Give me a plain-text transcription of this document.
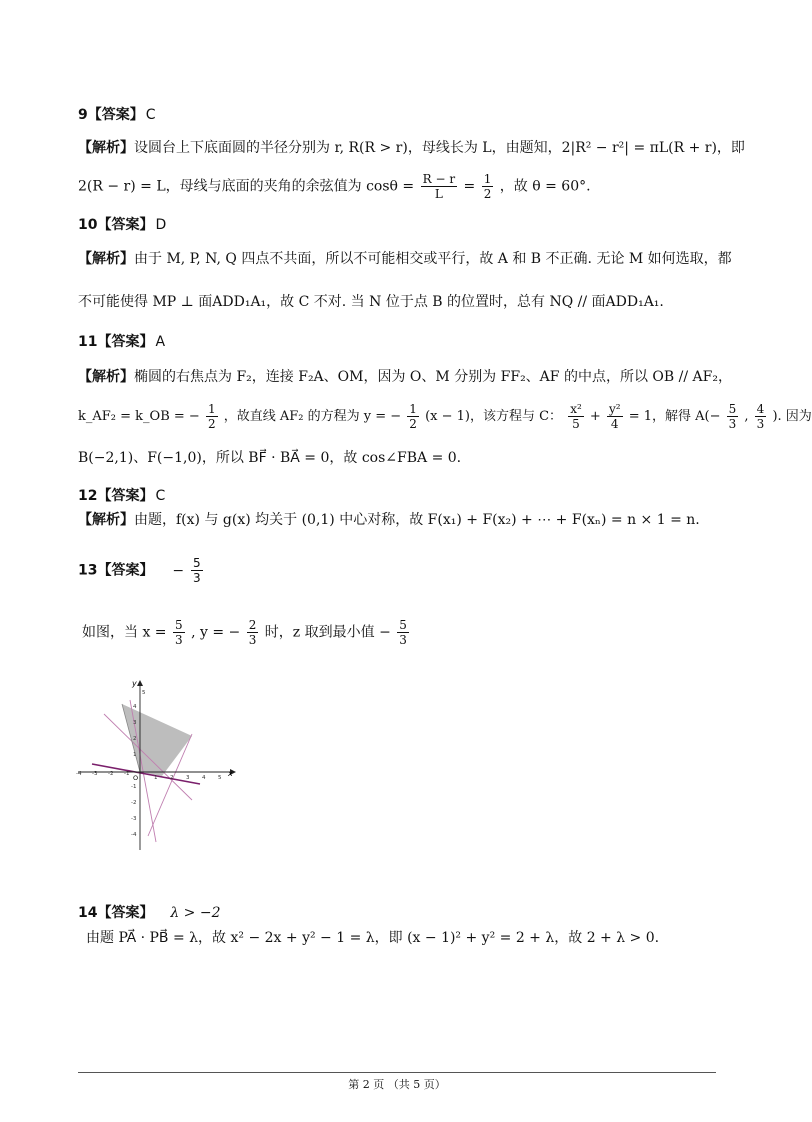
9【答案】 C
【解析】设圆台上下底面圆的半径分别为 r, R(R > r)，母线长为 L，由题知，2|R² − r²| = πL(R + r)，即
2(R − r) = L，母线与底面的夹角的余弦值为 $\cos\theta = \frac{R - r}{L} = \frac{1}{2}$ ，故 θ = 60°.
10【答案】 D
【解析】由于 M, P, N, Q 四点不共面，所以不可能相交或平行，故 A 和 B 不正确. 无论 M 如何选取，都
不可能使得 MP ⊥ 面ADD₁A₁，故 C 不对. 当 N 位于点 B 的位置时，总有 NQ // 面ADD₁A₁.
11【答案】 A
【解析】椭圆的右焦点为 F₂，连接 F₂A、OM，因为 O、M 分别为 FF₂、AF 的中点，所以 OB // AF₂，
k_AF₂ = k_OB = − $\frac{1}{2}$ ，故直线 AF₂ 的方程为 y = − $\frac{1}{2} (x - 1)$，该方程与 C： $\frac{\text{x²}}{5} + \frac{\text{y²}}{4} = 1$，解得 $A(- \frac{5}{3}$ , $\frac{4}{3}$ ). 因为
B(−2,1)、F(−1,0)，所以 BF⃗ · BA⃗ = 0，故 cos∠FBA = 0.
12【答案】 C
【解析】由题，f(x) 与 g(x) 均关于 (0,1) 中心对称，故 F(x₁) + F(x₂) + ⋯ + F(xₙ) = n × 1 = n.
13【答案】 − $\frac{5}{3}$
如图，当 $x = \frac{5}{3}$ , y = − $\frac{2}{3}$ 时，z 取到最小值 − $\frac{5}{3}$
x
y
O
-4 -3 -2 -1
1 2 3 4 5
5
4
3
2
1
-1
-2
-3
-4
14【答案】 λ > −2
由题 PA⃗ · PB⃗ = λ，故 x² − 2x + y² − 1 = λ，即 (x − 1)² + y² = 2 + λ，故 2 + λ > 0.
第 2 页 （共 5 页）
